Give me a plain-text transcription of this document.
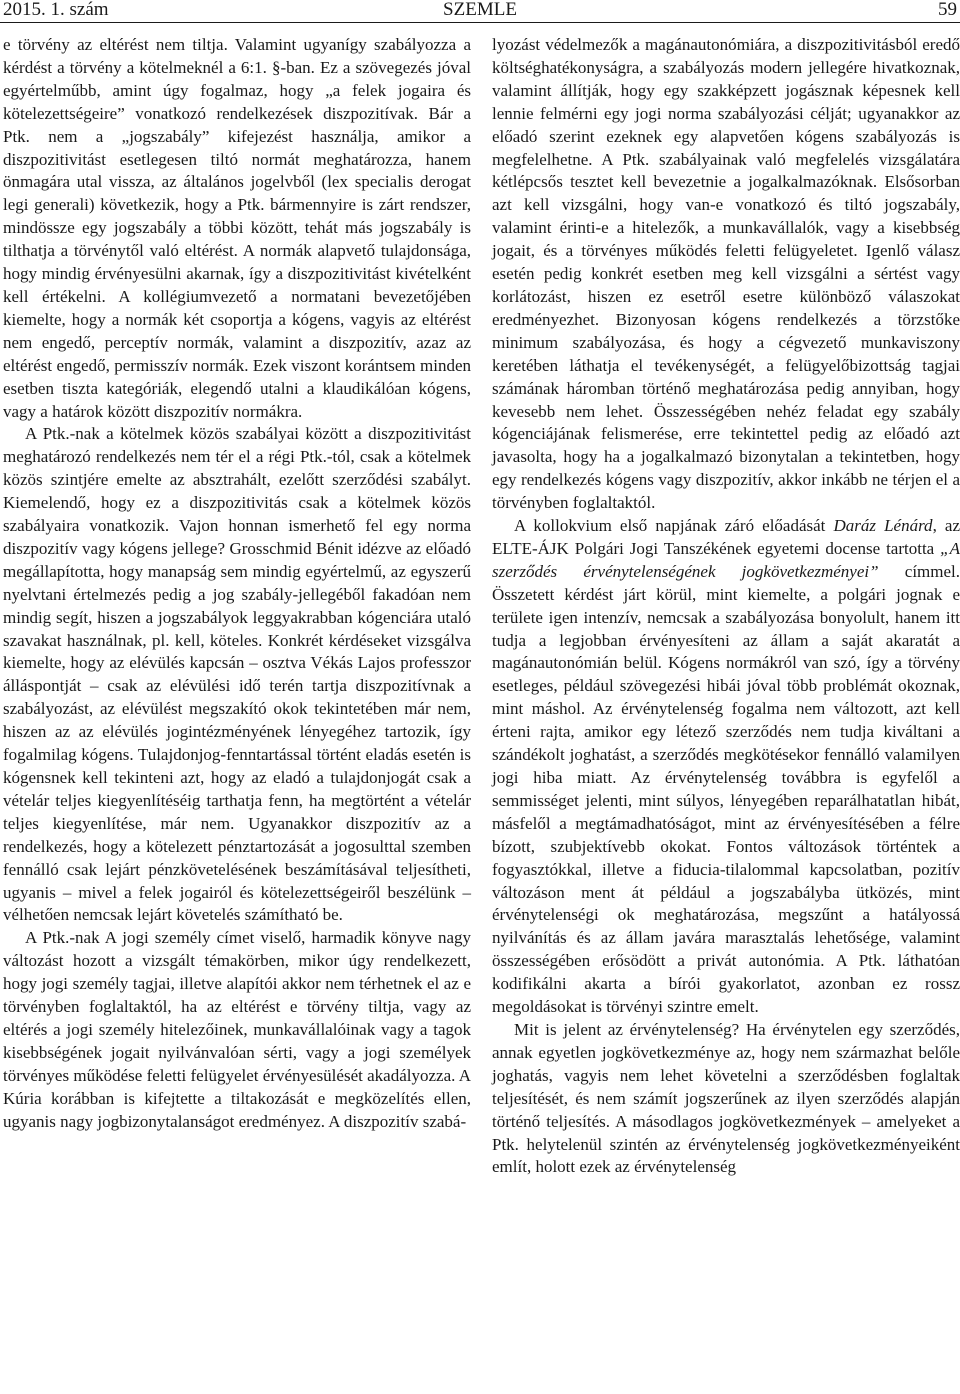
2015. 1. szám	SZEMLE	59

e törvény az eltérést nem tiltja. Valamint ugyanígy szabályozza a kérdést a törvény a kötelmeknél a 6:1. §-ban. Ez a szövegezés jóval egyértelműbb, amint úgy fogalmaz, hogy „a felek jogaira és kötelezettségeire” vonatkozó rendelkezések diszpozitívak. Bár a Ptk. nem a „jogszabály” kifejezést használja, amikor a diszpozitivitást esetlegesen tiltó normát meghatározza, hanem önmagára utal vissza, az általános jogelvből (lex specialis derogat legi generali) következik, hogy a Ptk. bármennyire is zárt rendszer, mindössze egy jogszabály a többi között, tehát más jogszabály is tilthatja a törvénytől való eltérést. A normák alapvető tulajdonsága, hogy mindig érvényesülni akarnak, így a diszpozitivitást kivételként kell értékelni. A kollégiumvezető a normatani bevezetőjében kiemelte, hogy a normák két csoportja a kógens, vagyis az eltérést nem engedő, perceptív normák, valamint a diszpozitív, azaz az eltérést engedő, permisszív normák. Ezek viszont korántsem minden esetben tiszta kategóriák, elegendő utalni a klaudikálóan kógens, vagy a határok között diszpozitív normákra.

A Ptk.-nak a kötelmek közös szabályai között a diszpozitivitást meghatározó rendelkezés nem tér el a régi Ptk.-tól, csak a kötelmek közös szintjére emelte az absztrahált, ezelőtt szerződési szabályt. Kiemelendő, hogy ez a diszpozitivitás csak a kötelmek közös szabályaira vonatkozik. Vajon honnan ismerhető fel egy norma diszpozitív vagy kógens jellege? Grosschmid Bénit idézve az előadó megállapította, hogy manapság sem mindig egyértelmű, az egyszerű nyelvtani értelmezés pedig a jog szabály-jellegéből fakadóan nem mindig segít, hiszen a jogszabályok leggyakrabban kógenciára utaló szavakat használnak, pl. kell, köteles. Konkrét kérdéseket vizsgálva kiemelte, hogy az elévülés kapcsán – osztva Vékás Lajos professzor álláspontját – csak az elévülési idő terén tartja diszpozitívnak a szabályozást, az elévülést megszakító okok tekintetében már nem, hiszen az az elévülés jogintézményének lényegéhez tartozik, így fogalmilag kógens. Tulajdonjog-fenntartással történt eladás esetén is kógensnek kell tekinteni azt, hogy az eladó a tulajdonjogát csak a vételár teljes kiegyenlítéséig tarthatja fenn, ha megtörtént a vételár teljes kiegyenlítése, már nem. Ugyanakkor diszpozitív az a rendelkezés, hogy a kötelezett pénztartozását a jogosulttal szemben fennálló csak lejárt pénzkövetelésének beszámításával teljesítheti, ugyanis – mivel a felek jogairól és kötelezettségeiről beszélünk – vélhetően nemcsak lejárt követelés számítható be.

A Ptk.-nak A jogi személy címet viselő, harmadik könyve nagy változást hozott a vizsgált témakörben, mikor úgy rendelkezett, hogy jogi személy tagjai, illetve alapítói akkor nem térhetnek el az e törvényben foglaltaktól, ha az eltérést e törvény tiltja, vagy az eltérés a jogi személy hitelezőinek, munkavállalóinak vagy a tagok kisebbségének jogait nyilvánvalóan sérti, vagy a jogi személyek törvényes működése feletti felügyelet érvényesülését akadályozza. A Kúria korábban is kifejtette a tiltakozását e megközelítés ellen, ugyanis nagy jogbizonytalanságot eredményez. A diszpozitív szabá-

lyozást védelmezők a magánautonómiára, a diszpozitivitásból eredő költséghatékonyságra, a szabályozás modern jellegére hivatkoznak, valamint állítják, hogy egy szakképzett jogásznak képesnek kell lennie felmérni egy jogi norma szabályozási célját; ugyanakkor az előadó szerint ezeknek egy alapvetően kógens szabályozás is megfelelhetne. A Ptk. szabályainak való megfelelés vizsgálatára kétlépcsős tesztet kell bevezetnie a jogalkalmazóknak. Elsősorban azt kell vizsgálni, hogy van-e vonatkozó és tiltó jogszabály, valamint érinti-e a hitelezők, a munkavállalók, vagy a kisebbség jogait, és a törvényes működés feletti felügyeletet. Igenlő válasz esetén pedig konkrét esetben meg kell vizsgálni a sértést vagy korlátozást, hiszen ez esetről esetre különböző válaszokat eredményezhet. Bizonyosan kógens rendelkezés a törzstőke minimum szabályozása, és hogy a cégvezető munkaviszony keretében láthatja el tevékenységét, a felügyelőbizottság tagjai számának háromban történő meghatározása pedig annyiban, hogy kevesebb nem lehet. Összességében nehéz feladat egy szabály kógenciájának felismerése, erre tekintettel pedig az előadó azt javasolta, hogy ha a jogalkalmazó bizonytalan a tekintetben, hogy egy rendelkezés kógens vagy diszpozitív, akkor inkább ne térjen el a törvényben foglaltaktól.

A kollokvium első napjának záró előadását Daráz Lénárd, az ELTE-ÁJK Polgári Jogi Tanszékének egyetemi docense tartotta „A szerződés érvénytelenségének jogkövetkezményei” címmel. Összetett kérdést járt körül, mint kiemelte, a polgári jognak e területe igen intenzív, nemcsak a szabályozása bonyolult, hanem itt tudja a legjobban érvényesíteni az állam a saját akaratát a magánautonómián belül. Kógens normákról van szó, így a törvény esetleges, például szövegezési hibái jóval több problémát okoznak, mint máshol. Az érvénytelenség fogalma nem változott, azt kell érteni rajta, amikor egy létező szerződés nem tudja kiváltani a szándékolt joghatást, a szerződés megkötésekor fennálló valamilyen jogi hiba miatt. Az érvénytelenség továbbra is egyfelől a semmisséget jelenti, mint súlyos, lényegében reparálhatatlan hibát, másfelől a megtámadhatóságot, mint az érvényesítésében a félre bízott, szubjektívebb okokat. Fontos változások történtek a fogyasztókkal, illetve a fiducia-tilalommal kapcsolatban, pozitív változáson ment át például a jogszabályba ütközés, mint érvénytelenségi ok meghatározása, megszűnt a hatályossá nyilvánítás és az állam javára marasztalás lehetősége, valamint összességében erősödött a privát autonómia. A Ptk. láthatóan kodifikálni akarta a bírói gyakorlatot, azonban ez rossz megoldásokat is törvényi szintre emelt.

Mit is jelent az érvénytelenség? Ha érvénytelen egy szerződés, annak egyetlen jogkövetkezménye az, hogy nem származhat belőle joghatás, vagyis nem lehet követelni a szerződésben foglaltak teljesítését, és nem számít jogszerűnek az ilyen szerződés alapján történő teljesítés. A másodlagos jogkövetkezmények – amelyeket a Ptk. helytelenül szintén az érvénytelenség jogkövetkezményeiként említ, holott ezek az érvénytelenség
